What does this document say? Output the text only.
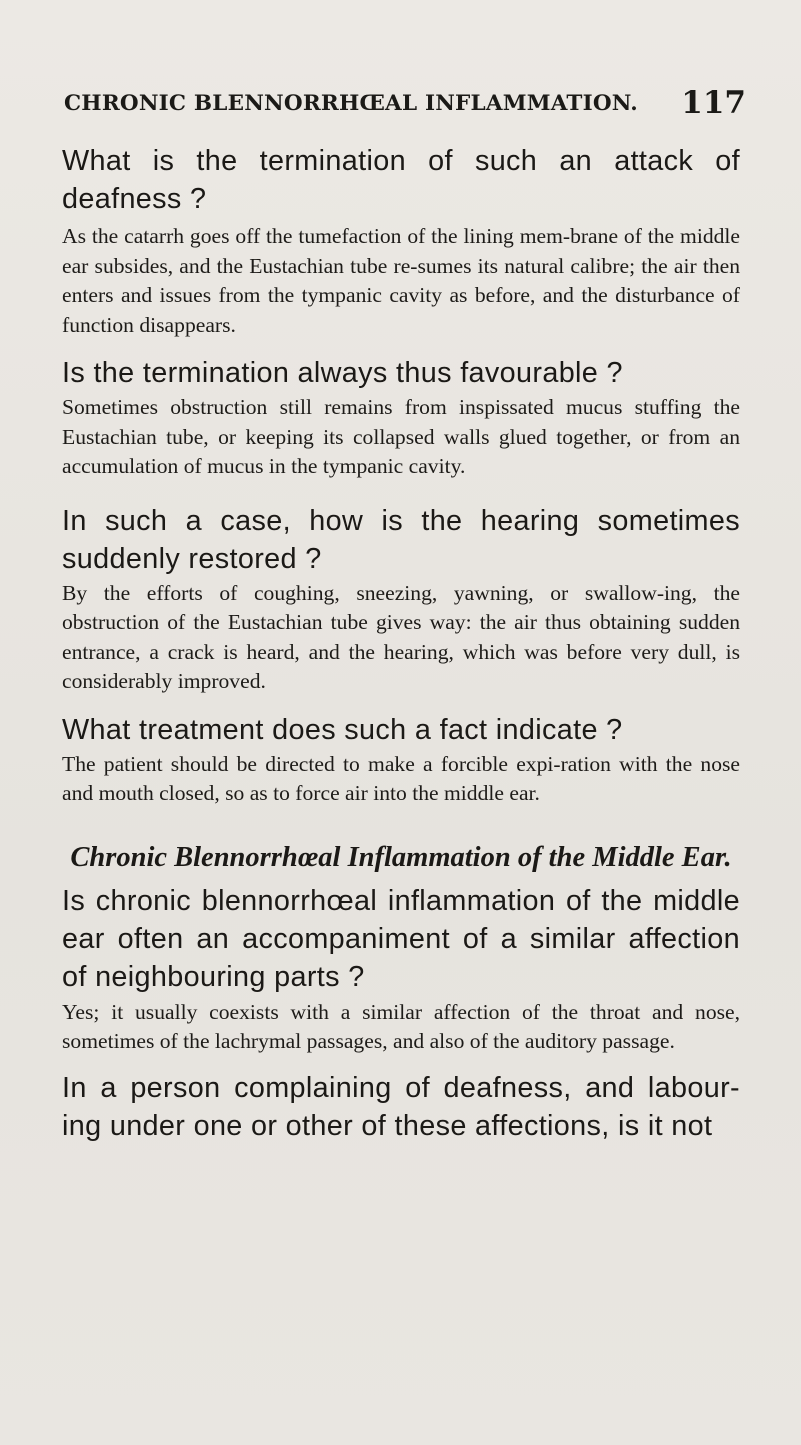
CHRONIC BLENNORRHŒAL INFLAMMATION. 117

What is the termination of such an attack of deafness ?

As the catarrh goes off the tumefaction of the lining mem-brane of the middle ear subsides, and the Eustachian tube re-sumes its natural calibre; the air then enters and issues from the tympanic cavity as before, and the disturbance of function disappears.

Is the termination always thus favourable ?

Sometimes obstruction still remains from inspissated mucus stuffing the Eustachian tube, or keeping its collapsed walls glued together, or from an accumulation of mucus in the tympanic cavity.

In such a case, how is the hearing sometimes suddenly restored ?

By the efforts of coughing, sneezing, yawning, or swallow-ing, the obstruction of the Eustachian tube gives way: the air thus obtaining sudden entrance, a crack is heard, and the hearing, which was before very dull, is considerably improved.

What treatment does such a fact indicate ?

The patient should be directed to make a forcible expi-ration with the nose and mouth closed, so as to force air into the middle ear.

Chronic Blennorrhœal Inflammation of the Middle Ear.

Is chronic blennorrhœal inflammation of the middle ear often an accompaniment of a similar affection of neighbouring parts ?

Yes; it usually coexists with a similar affection of the throat and nose, sometimes of the lachrymal passages, and also of the auditory passage.

In a person complaining of deafness, and labour-ing under one or other of these affections, is it not
